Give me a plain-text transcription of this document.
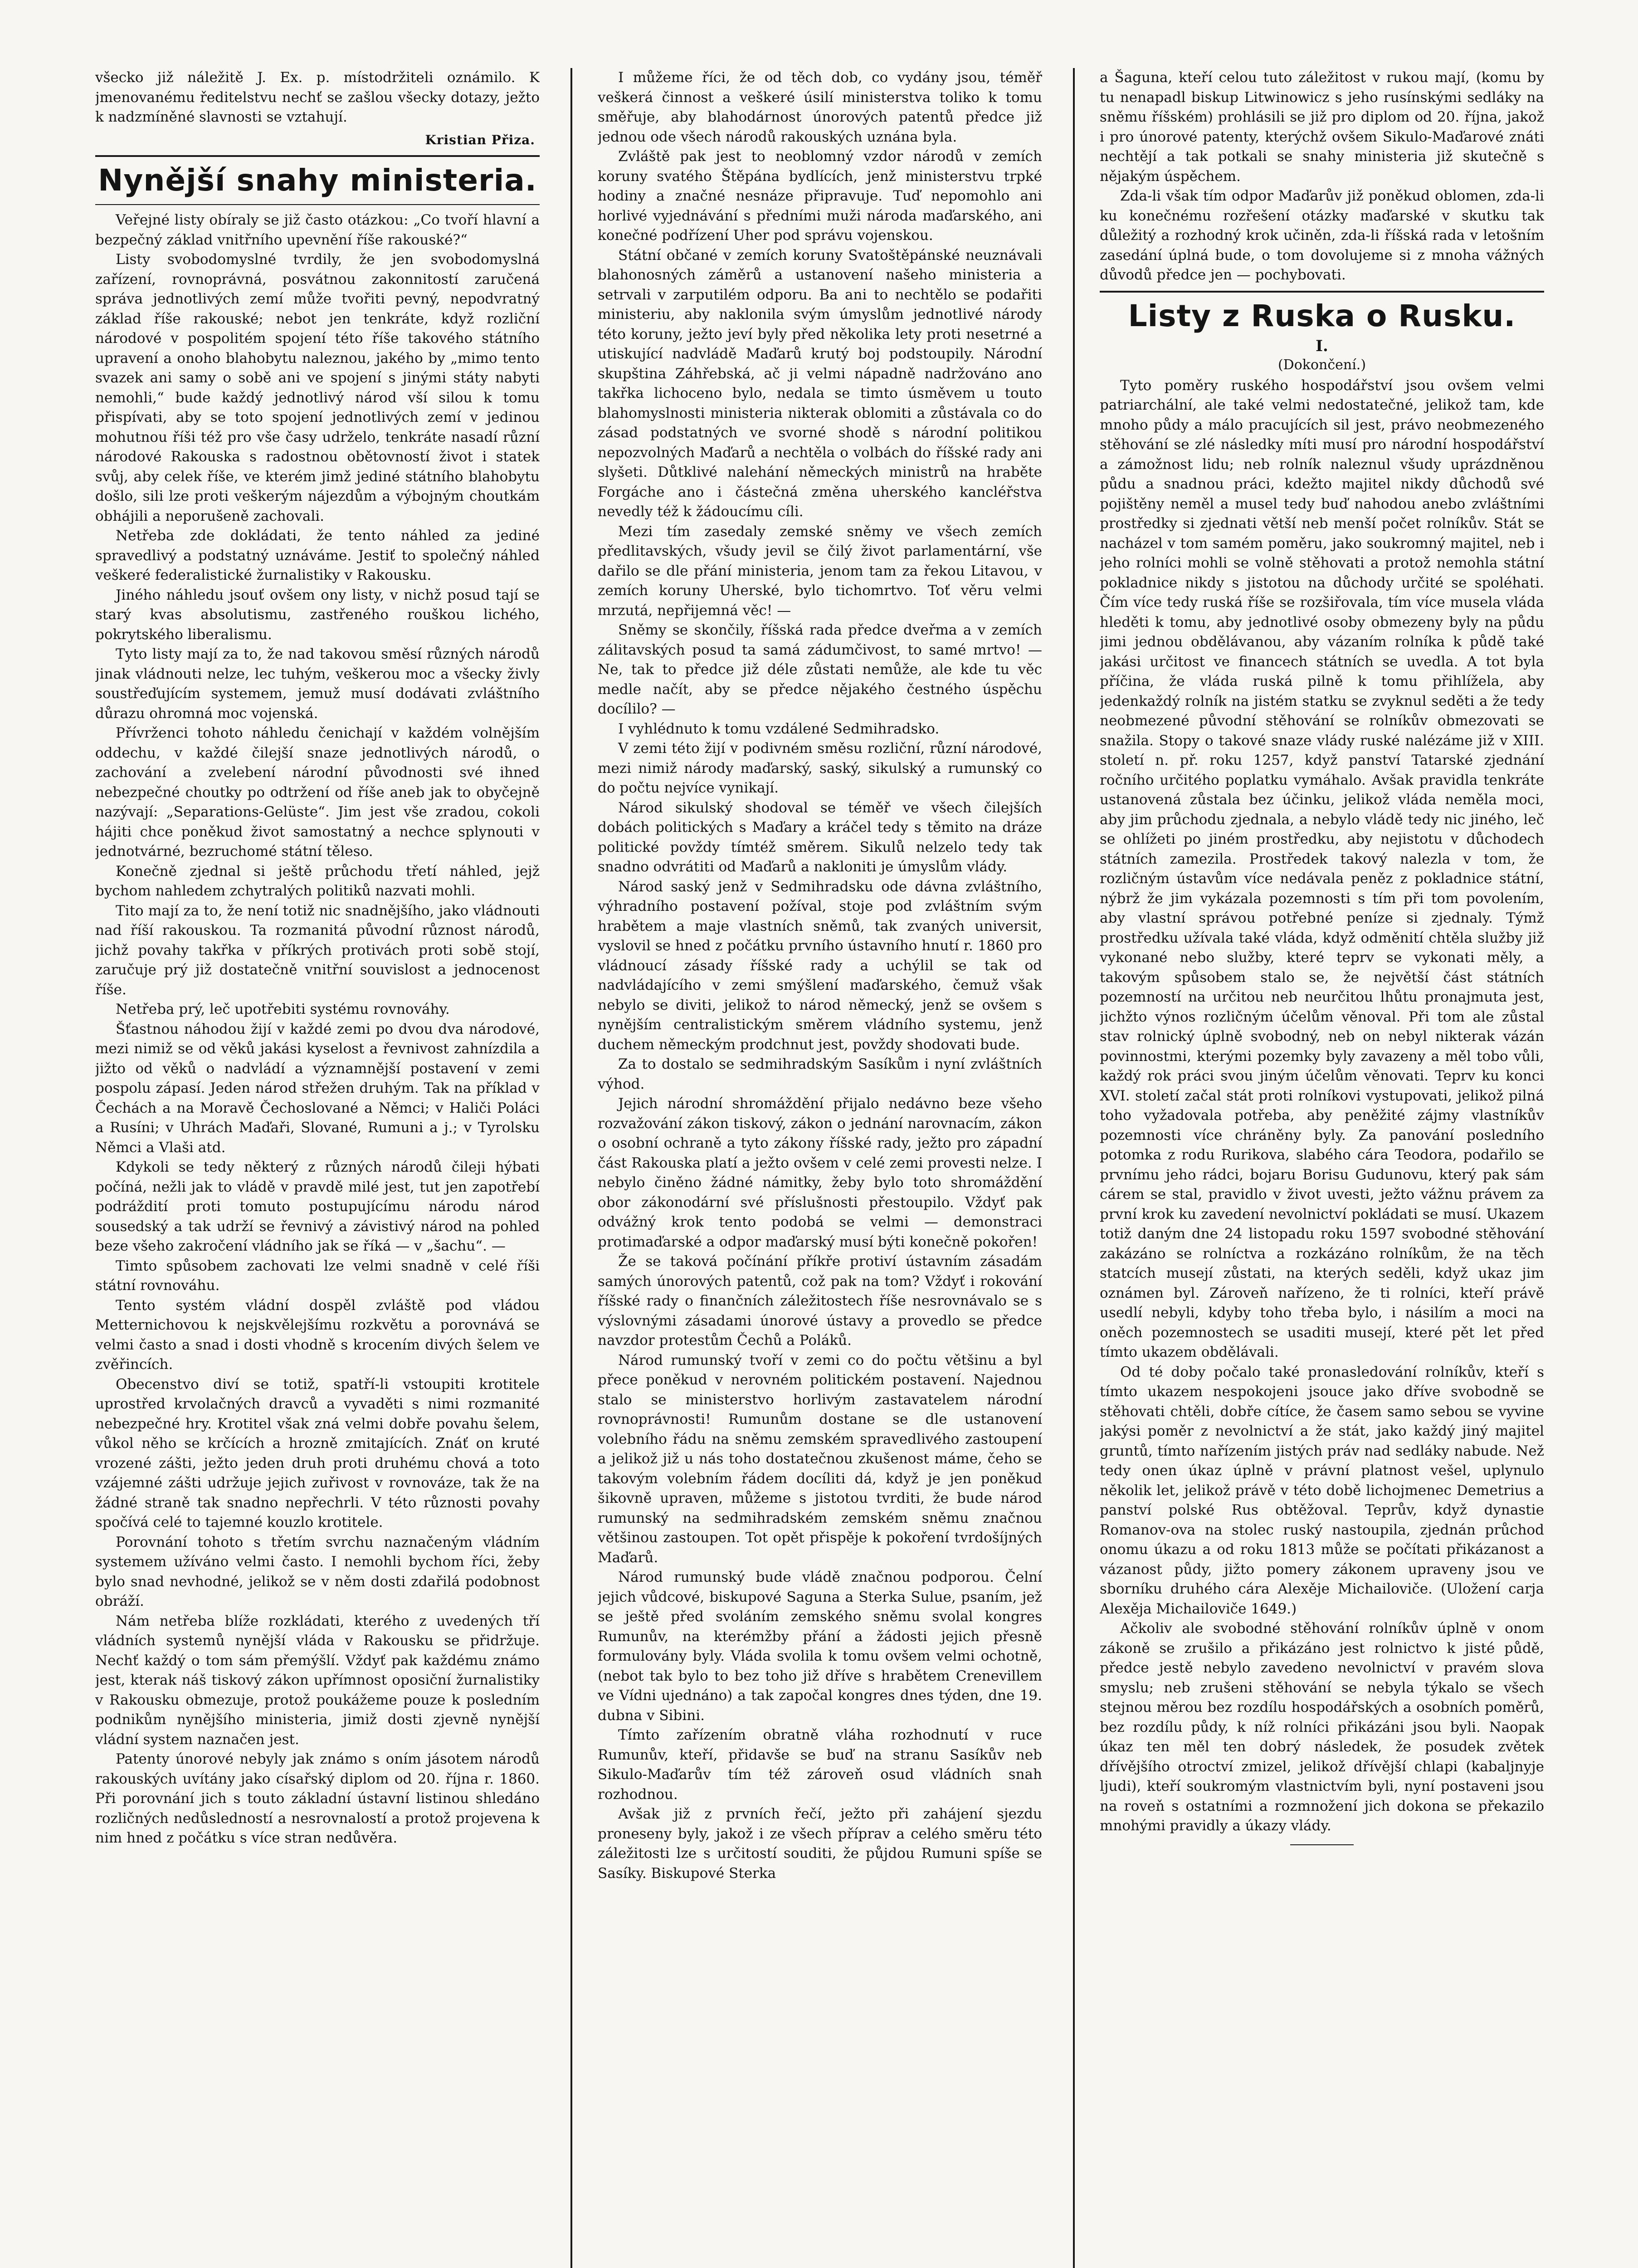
všecko již náležitě J. Ex. p. místodržiteli oznámilo. K jmenovanému ředitelstvu nechť se zašlou všecky dotazy, ježto k nadzmíněné slavnosti se vztahují.

Kristian Přiza.
Nynější snahy ministeria.

Veřejné listy obíraly se již často otázkou: „Co tvoří hlavní a bezpečný základ vnitřního upevnění říše rakouské?“

Listy svobodomyslné tvrdily, že jen svobodomyslná zařízení, rovnoprávná, posvátnou zakonnitostí zaručená správa jednotlivých zemí může tvořiti pevný, nepodvratný základ říše rakouské; nebot jen tenkráte, když rozliční národové v pospolitém spojení této říše takového státního upravení a onoho blahobytu naleznou, jakého by „mimo tento svazek ani samy o sobě ani ve spojení s jinými státy nabyti nemohli,“ bude každý jednotlivý národ vší silou k tomu přispívati, aby se toto spojení jednotlivých zemí v jedinou mohutnou říši též pro vše časy udrželo, tenkráte nasadí různí národové Rakouska s radostnou obětovností život i statek svůj, aby celek říše, ve kterém jimž jediné státního blahobytu došlo, sili lze proti veškerým nájezdům a výbojným choutkám obhájili a neporušeně zachovali.

Netřeba zde dokládati, že tento náhled za jediné spravedlivý a podstatný uznáváme. Jestiť to společný náhled veškeré federalistické žurnalistiky v Rakousku.

Jiného náhledu jsouť ovšem ony listy, v nichž posud tají se starý kvas absolutismu, zastřeného rouškou lichého, pokrytského liberalismu.

Tyto listy mají za to, že nad takovou směsí různých národů jinak vládnouti nelze, lec tuhým, veškerou moc a všecky živly soustřeďujícím systemem, jemuž musí dodávati zvláštního důrazu ohromná moc vojenská.

Přívrženci tohoto náhledu čenichají v každém volnějším oddechu, v každé čilejší snaze jednotlivých národů, o zachování a zvelebení národní původnosti své ihned nebezpečné choutky po odtržení od říše aneb jak to obyčejně nazývají: „Separations-Gelüste“. Jim jest vše zradou, cokoli hájiti chce poněkud život samostatný a nechce splynouti v jednotvárné, bezruchomé státní těleso.

Konečně zjednal si ještě průchodu třetí náhled, jejž bychom nahledem zchytralých politiků nazvati mohli.

Tito mají za to, že není totiž nic snadnějšího, jako vládnouti nad říší rakouskou. Ta rozmanitá původní různost národů, jichž povahy takřka v příkrých protivách proti sobě stojí, zaručuje prý již dostatečně vnitřní souvislost a jednocenost říše.

Netřeba prý, leč upotřebiti systému rovnováhy.

Šťastnou náhodou žijí v každé zemi po dvou dva národové, mezi nimiž se od věků jakási kyselost a řevnivost zahnízdila a jižto od věků o nadvládí a významnější postavení v zemi pospolu zápasí. Jeden národ střežen druhým. Tak na příklad v Čechách a na Moravě Čechoslované a Němci; v Haliči Poláci a Rusíni; v Uhrách Maďaři, Slované, Rumuni a j.; v Tyrolsku Němci a Vlaši atd.

Kdykoli se tedy některý z různých národů čileji hýbati počíná, nežli jak to vládě v pravdě milé jest, tut jen zapotřebí podráždití proti tomuto postupujícímu národu národ sousedský a tak udrží se řevnivý a závistivý národ na pohled beze všeho zakročení vládního jak se říká — v „šachu“. —

Timto spůsobem zachovati lze velmi snadně v celé říši státní rovnováhu.

Tento systém vládní dospěl zvláště pod vládou Metternichovou k nejskvělejšímu rozkvětu a porovnává se velmi často a snad i dosti vhodně s krocením divých šelem ve zvěřincích.

Obecenstvo diví se totiž, spatří-li vstoupiti krotitele uprostřed krvolačných dravců a vyvaděti s nimi rozmanité nebezpečné hry. Krotitel však zná velmi dobře povahu šelem, vůkol něho se krčících a hrozně zmitajících. Znáť on kruté vrozené zášti, ježto jeden druh proti druhému chová a toto vzájemné zášti udržuje jejich zuřivost v rovnováze, tak že na žádné straně tak snadno nepřechrli. V této různosti povahy spočívá celé to tajemné kouzlo krotitele.

Porovnání tohoto s třetím svrchu naznačeným vládním systemem užíváno velmi často. I nemohli bychom říci, žeby bylo snad nevhodné, jelikož se v něm dosti zdařilá podobnost obráží.

Nám netřeba blíže rozkládati, kterého z uvedených tří vládních systemů nynější vláda v Rakousku se přidržuje. Nechť každý o tom sám přemýšlí. Vždyť pak každému známo jest, kterak náš tiskový zákon upřímnost oposiční žurnalistiky v Rakousku obmezuje, protož poukážeme pouze k posledním podnikům nynějšího ministeria, jimiž dosti zjevně nynější vládní system naznačen jest.

Patenty únorové nebyly jak známo s oním jásotem národů rakouských uvítány jako císařský diplom od 20. října r. 1860. Při porovnání jich s touto základní ústavní listinou shledáno rozličných nedůsledností a nesrovnalostí a protož projevena k nim hned z počátku s více stran nedůvěra.

I můžeme říci, že od těch dob, co vydány jsou, téměř veškerá činnost a veškeré úsilí ministerstva toliko k tomu směřuje, aby blahodárnost únorových patentů předce již jednou ode všech národů rakouských uznána byla.

Zvláště pak jest to neoblomný vzdor národů v zemích koruny svatého Štěpána bydlících, jenž ministerstvu trpké hodiny a značné nesnáze připravuje. Tuď nepomohlo ani horlivé vyjednávání s předními muži národa maďarského, ani konečné podřízení Uher pod správu vojenskou.

Státní občané v zemích koruny Svatoštěpánské neuznávali blahonosných záměrů a ustanovení našeho ministeria a setrvali v zarputilém odporu. Ba ani to nechtělo se podařiti ministeriu, aby naklonila svým úmyslům jednotlivé národy této koruny, ježto jeví byly před několika lety proti nesetrné a utiskující nadvládě Maďarů krutý boj podstoupily. Národní skupština Záhřebská, ač ji velmi nápadně nadržováno ano takřka lichoceno bylo, nedala se timto úsměvem u touto blahomyslnosti ministeria nikterak oblomiti a zůstávala co do zásad podstatných ve svorné shodě s národní politikou nepozvolných Maďarů a nechtěla o volbách do říšské rady ani slyšeti. Důtklivé nalehání německých ministrů na hraběte Forgáche ano i částečná změna uherského kancléřstva nevedly též k žádoucímu cíli.

Mezi tím zasedaly zemské sněmy ve všech zemích předlitavských, všudy jevil se čilý život parlamentární, vše dařilo se dle přání ministeria, jenom tam za řekou Litavou, v zemích koruny Uherské, bylo tichomrtvo. Toť věru velmi mrzutá, nepřijemná věc! —

Sněmy se skončily, říšská rada předce dveřma a v zemích zálitavských posud ta samá zádumčivost, to samé mrtvo! — Ne, tak to předce již déle zůstati nemůže, ale kde tu věc medle načít, aby se předce nějakého čestného úspěchu docílilo? —

I vyhlédnuto k tomu vzdálené Sedmihradsko.

V zemi této žijí v podivném směsu rozliční, různí národové, mezi nimiž národy maďarský, saský, sikulský a rumunský co do počtu nejvíce vynikají.

Národ sikulský shodoval se téměř ve všech čilejších dobách politických s Maďary a kráčel tedy s těmito na dráze politické povždy tímtéž směrem. Sikulů nelzelo tedy tak snadno odvrátiti od Maďarů a nakloniti je úmyslům vlády.

Národ saský jenž v Sedmihradsku ode dávna zvláštního, výhradního postavení požíval, stoje pod zvláštním svým hrabětem a maje vlastních sněmů, tak zvaných universit, vyslovil se hned z počátku prvního ústavního hnutí r. 1860 pro vládnoucí zásady říšské rady a uchýlil se tak od nadvládajícího v zemi smýšlení maďarského, čemuž však nebylo se diviti, jelikož to národ německý, jenž se ovšem s nynějším centralistickým směrem vládního systemu, jenž duchem německým prodchnut jest, povždy shodovati bude.

Za to dostalo se sedmihradským Sasíkům i nyní zvláštních výhod.

Jejich národní shromáždění přijalo nedávno beze všeho rozvažování zákon tiskový, zákon o jednání narovnacím, zákon o osobní ochraně a tyto zákony říšské rady, ježto pro západní část Rakouska platí a ježto ovšem v celé zemi provesti nelze. I nebylo činěno žádné námitky, žeby bylo toto shromáždění obor zákonodární své příslušnosti přestoupilo. Vždyť pak odvážný krok tento podobá se velmi — demonstraci protimaďarské a odpor maďarský musí býti konečně pokořen!

Že se taková počínání příkře protiví ústavním zásadám samých únorových patentů, což pak na tom? Vždyť i rokování říšské rady o finančních záležitostech říše nesrovnávalo se s výslovnými zásadami únorové ústavy a provedlo se předce navzdor protestům Čechů a Poláků.

Národ rumunský tvoří v zemi co do počtu většinu a byl přece poněkud v nerovném politickém postavení. Najednou stalo se ministerstvo horlivým zastavatelem národní rovnoprávnosti! Rumunům dostane se dle ustanovení volebního řádu na sněmu zemském spravedlivého zastoupení a jelikož již u nás toho dostatečnou zkušenost máme, čeho se takovým volebním řádem docíliti dá, když je jen poněkud šikovně upraven, můžeme s jistotou tvrditi, že bude národ rumunský na sedmihradském zemském sněmu značnou většinou zastoupen. Tot opět přispěje k pokoření tvrdošíjných Maďarů.

Národ rumunský bude vládě značnou podporou. Čelní jejich vůdcové, biskupové Saguna a Sterka Sulue, psaním, jež se ještě před svoláním zemského sněmu svolal kongres Rumunův, na kterémžby přání a žádosti jejich přesně formulovány byly. Vláda svolila k tomu ovšem velmi ochotně, (nebot tak bylo to bez toho již dříve s hrabětem Crenevillem ve Vídni ujednáno) a tak započal kongres dnes týden, dne 19. dubna v Sibini.

Tímto zařízením obratně vláha rozhodnutí v ruce Rumunův, kteří, přidavše se buď na stranu Sasíkův neb Sikulo-Maďarův tím též zároveň osud vládních snah rozhodnou.

Avšak již z prvních řečí, ježto při zahájení sjezdu proneseny byly, jakož i ze všech příprav a celého směru této záležitosti lze s určitostí souditi, že půjdou Rumuni spíše se Sasíky. Biskupové Sterka

a Šaguna, kteří celou tuto záležitost v rukou mají, (komu by tu nenapadl biskup Litwinowicz s jeho rusínskými sedláky na sněmu říšském) prohlásili se již pro diplom od 20. října, jakož i pro únorové patenty, kterýchž ovšem Sikulo-Maďarové znáti nechtějí a tak potkali se snahy ministeria již skutečně s nějakým úspěchem.

Zda-li však tím odpor Maďarův již poněkud oblomen, zda-li ku konečnému rozřešení otázky maďarské v skutku tak důležitý a rozhodný krok učiněn, zda-li říšská rada v letošním zasedání úplná bude, o tom dovolujeme si z mnoha vážných důvodů předce jen — pochybovati.

Listy z Ruska o Rusku.
I.
(Dokončení.)

Tyto poměry ruského hospodářství jsou ovšem velmi patriarchální, ale také velmi nedostatečné, jelikož tam, kde mnoho půdy a málo pracujících sil jest, právo neobmezeného stěhování se zlé následky míti musí pro národní hospodářství a zámožnost lidu; neb rolník naleznul všudy uprázdněnou půdu a snadnou práci, kdežto majitel nikdy důchodů své pojištěny neměl a musel tedy buď nahodou anebo zvláštními prostředky si zjednati větší neb menší počet rolníkův. Stát se nacházel v tom samém poměru, jako soukromný majitel, neb i jeho rolníci mohli se volně stěhovati a protož nemohla státní pokladnice nikdy s jistotou na důchody určité se spoléhati. Čím více tedy ruská říše se rozšiřovala, tím více musela vláda hleděti k tomu, aby jednotlivé osoby obmezeny byly na půdu jimi jednou obdělávanou, aby vázaním rolníka k půdě také jakási určitost ve financech státních se uvedla. A tot byla příčina, že vláda ruská pilně k tomu přihlížela, aby jedenkaždý rolník na jistém statku se zvyknul seděti a že tedy neobmezené původní stěhování se rolníkův obmezovati se snažila. Stopy o takové snaze vlády ruské nalézáme již v XIII. století n. př. roku 1257, když panství Tatarské zjednání ročního určitého poplatku vymáhalo. Avšak pravidla tenkráte ustanovená zůstala bez účinku, jelikož vláda neměla moci, aby jim průchodu zjednala, a nebylo vládě tedy nic jiného, leč se ohlížeti po jiném prostředku, aby nejistotu v důchodech státních zamezila. Prostředek takový nalezla v tom, že rozličným ústavům více nedávala peněz z pokladnice státní, nýbrž že jim vykázala pozemnosti s tím při tom povolením, aby vlastní správou potřebné peníze si zjednaly. Týmž prostředku užívala také vláda, když odměnití chtěla služby již vykonané nebo služby, které teprv se vykonati měly, a takovým spůsobem stalo se, že největší část státních pozemností na určitou neb neurčitou lhůtu pronajmuta jest, jichžto výnos rozličným účelům věnoval. Při tom ale zůstal stav rolnický úplně svobodný, neb on nebyl nikterak vázán povinnostmi, kterými pozemky byly zavazeny a měl tobo vůli, každý rok práci svou jiným účelům věnovati. Teprv ku konci XVI. století začal stát proti rolníkovi vystupovati, jelikož pilná toho vyžadovala potřeba, aby peněžité zájmy vlastníkův pozemnosti více chráněny byly. Za panování posledního potomka z rodu Rurikova, slabého cára Teodora, podařilo se prvnímu jeho rádci, bojaru Borisu Gudunovu, který pak sám cárem se stal, pravidlo v život uvesti, ježto vážnu právem za první krok ku zavedení nevolnictví pokládati se musí. Ukazem totiž daným dne 24 listopadu roku 1597 svobodné stěhování zakázáno se rolníctva a rozkázáno rolníkům, že na těch statcích musejí zůstati, na kterých seděli, když ukaz jim oznámen byl. Zároveň nařízeno, že ti rolníci, kteří právě usedlí nebyli, kdyby toho třeba bylo, i násilím a moci na oněch pozemnostech se usaditi musejí, které pět let před tímto ukazem obdělávali.

Od té doby počalo také pronasledování rolníkův, kteří s tímto ukazem nespokojeni jsouce jako dříve svobodně se stěhovati chtěli, dobře cítíce, že časem samo sebou se vyvine jakýsi poměr z nevolnictví a že stát, jako každý jiný majitel gruntů, tímto nařízením jistých práv nad sedláky nabude. Než tedy onen úkaz úplně v právní platnost vešel, uplynulo několik let, jelikož právě v této době lichojmenec Demetrius a panství polské Rus obtěžoval. Teprův, když dynastie Romanov-ova na stolec ruský nastoupila, zjednán průchod onomu úkazu a od roku 1813 může se počítati přikázanost a vázanost půdy, jižto pomery zákonem upraveny jsou ve sborníku druhého cára Alexěje Michailoviče. (Uložení carja Alexěja Michailoviče 1649.)

Ačkoliv ale svobodné stěhování rolníkův úplně v onom zákoně se zrušilo a přikázáno jest rolnictvo k jisté půdě, předce jestě nebylo zavedeno nevolnictví v pravém slova smyslu; neb zrušeni stěhování se nebyla týkalo se všech stejnou měrou bez rozdílu hospodářských a osobních poměrů, bez rozdílu půdy, k níž rolníci přikázáni jsou byli. Naopak úkaz ten měl ten dobrý následek, že posudek zvětek dřívějšího otroctví zmizel, jelikož dřívější chlapi (kabaljnyje ljudi), kteří soukromým vlastnictvím byli, nyní postaveni jsou na roveň s ostatními a rozmnožení jich dokona se překazilo mnohými pravidly a úkazy vlády.
